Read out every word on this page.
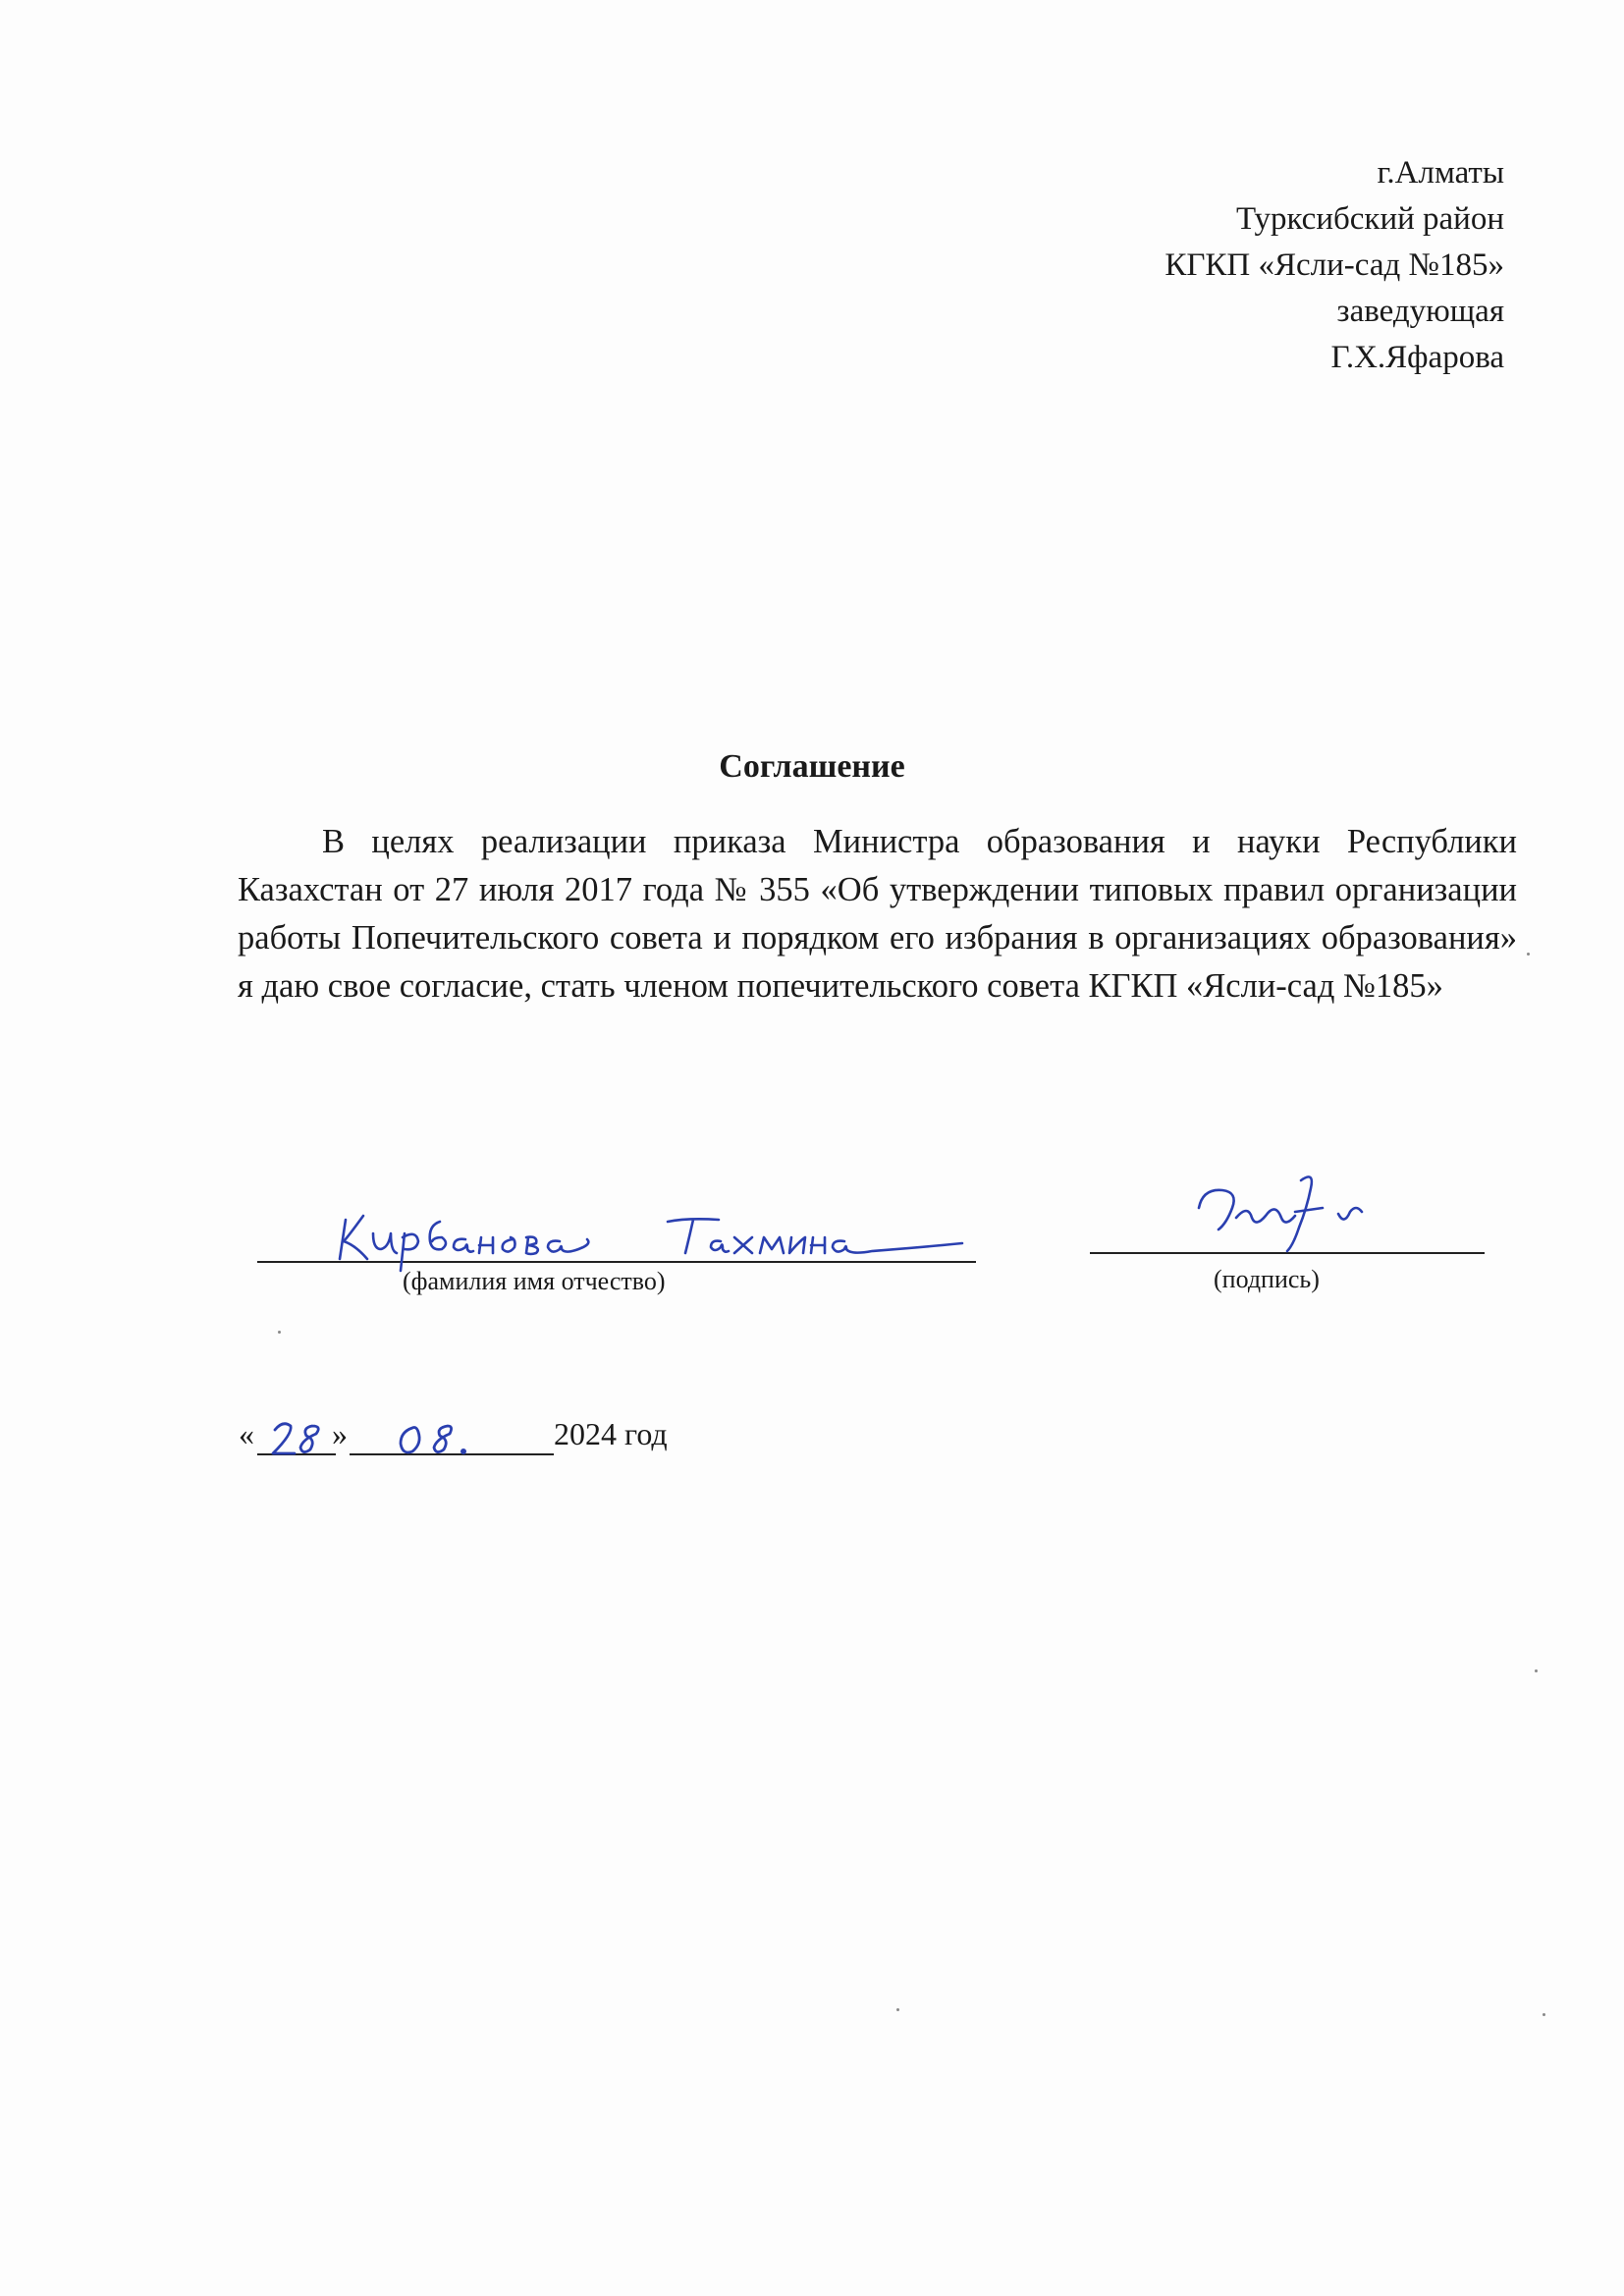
г.Алматы
Турксибский район
КГКП «Ясли-сад №185»
заведующая
Г.Х.Яфарова
Соглашение
В целях реализации приказа Министра образования и науки Республики Казахстан от 27 июля 2017 года № 355 «Об утверждении типовых правил организации работы Попечительского совета и порядком его избрания в организациях образования» я даю свое согласие, стать членом попечительского совета КГКП «Ясли-сад №185»
(фамилия имя отчество)	(подпись)
« »	2024 год
